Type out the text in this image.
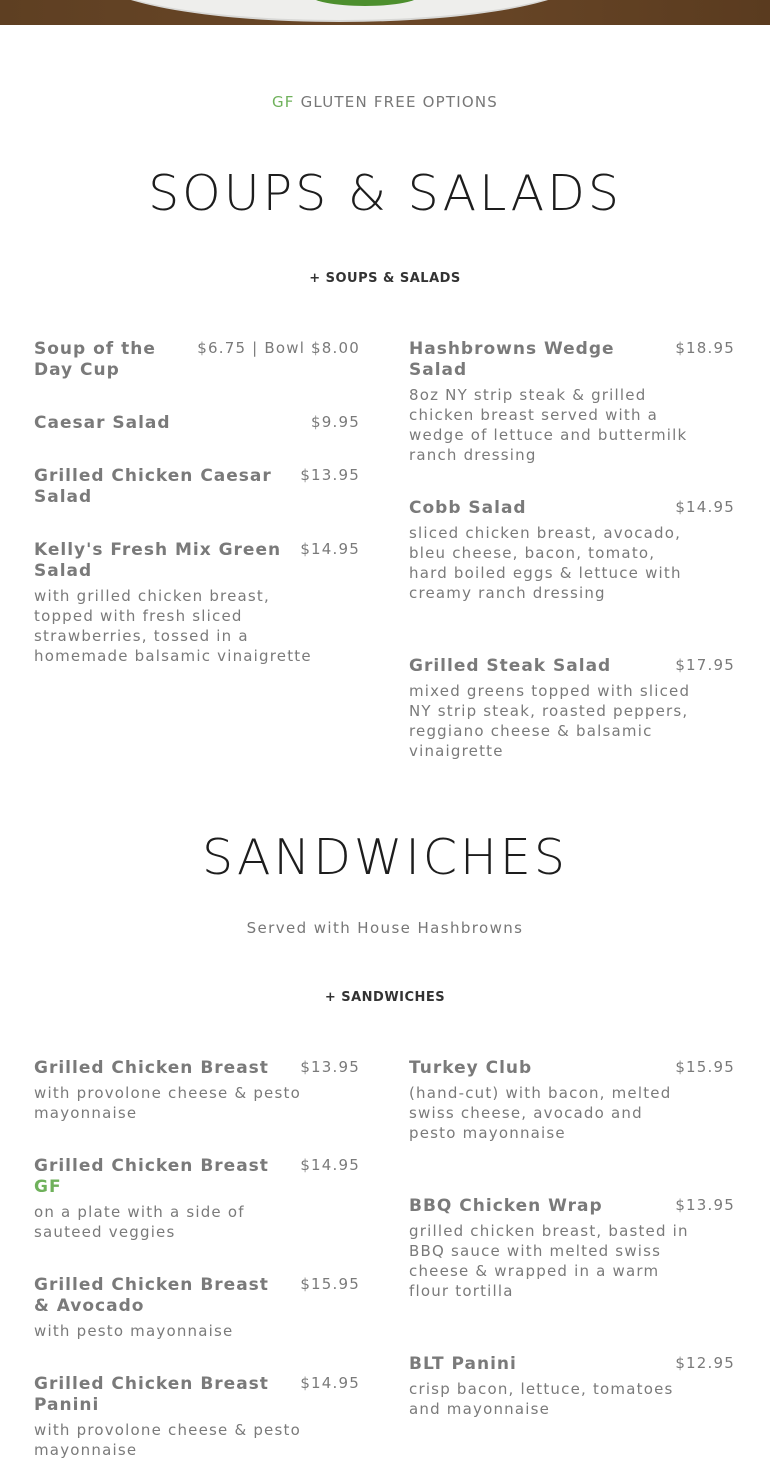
GF GLUTEN FREE OPTIONS
SOUPS & SALADS
+ SOUPS & SALADS
Soup of the Day Cup
$6.75 | Bowl $8.00
Caesar Salad	$9.95
Grilled Chicken Caesar Salad
$13.95
Kelly's Fresh Mix Green Salad
$14.95
with grilled chicken breast, topped with fresh sliced strawberries, tossed in a homemade balsamic vinaigrette
Hashbrowns Wedge Salad
$18.95
8oz NY strip steak & grilled chicken breast served with a wedge of lettuce and buttermilk ranch dressing
Cobb Salad	$14.95
sliced chicken breast, avocado, bleu cheese, bacon, tomato, hard boiled eggs & lettuce with creamy ranch dressing
Grilled Steak Salad	$17.95
mixed greens topped with sliced NY strip steak, roasted peppers, reggiano cheese & balsamic vinaigrette
SANDWICHES
Served with House Hashbrowns
+ SANDWICHES
Grilled Chicken Breast	$13.95
with provolone cheese & pesto mayonnaise
Grilled Chicken Breast
GF
$14.95
on a plate with a side of sauteed veggies
Grilled Chicken Breast & Avocado
$15.95
with pesto mayonnaise
Grilled Chicken Breast Panini
$14.95
with provolone cheese & pesto mayonnaise
Turkey Club	$15.95
(hand-cut) with bacon, melted swiss cheese, avocado and pesto mayonnaise
BBQ Chicken Wrap	$13.95
grilled chicken breast, basted in BBQ sauce with melted swiss cheese & wrapped in a warm flour tortilla
BLT Panini	$12.95
crisp bacon, lettuce, tomatoes and mayonnaise
